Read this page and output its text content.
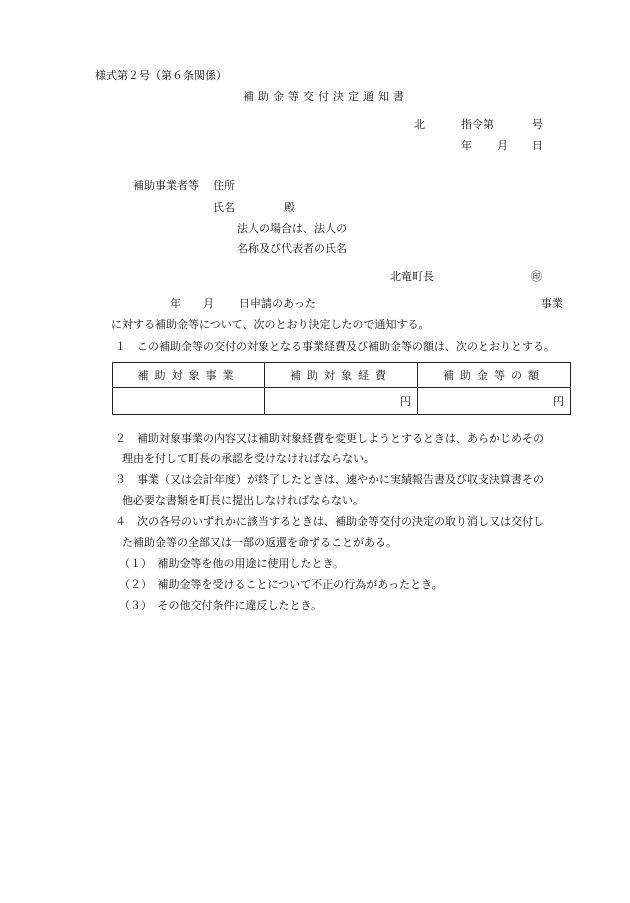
様式第２号（第６条関係）
補助金等交付決定通知書
北	指令第	号
年 月 日
補助事業者等 住所
氏名	殿
法人の場合は、法人の
名称及び代表者の氏名
北竜町長	㊞
年 月 日申請のあった	事業
に対する補助金等について、次のとおり決定したので通知する。
１　この補助金等の交付の対象となる事業経費及び補助金等の額は、次のとおりとする。
補助対象事業	補助対象経費	補助金等の額
	円	円
２　補助対象事業の内容又は補助対象経費を変更しようとするときは、あらかじめその
理由を付して町長の承認を受けなければならない。
３　事業（又は会計年度）が終了したときは、速やかに実績報告書及び収支決算書その
他必要な書類を町長に提出しなければならない。
４　次の各号のいずれかに該当するときは、補助金等交付の決定の取り消し又は交付し
た補助金等の全部又は一部の返還を命ずることがある。
（１）　補助金等を他の用途に使用したとき。
（２）　補助金等を受けることについて不正の行為があったとき。
（３）　その他交付条件に違反したとき。
